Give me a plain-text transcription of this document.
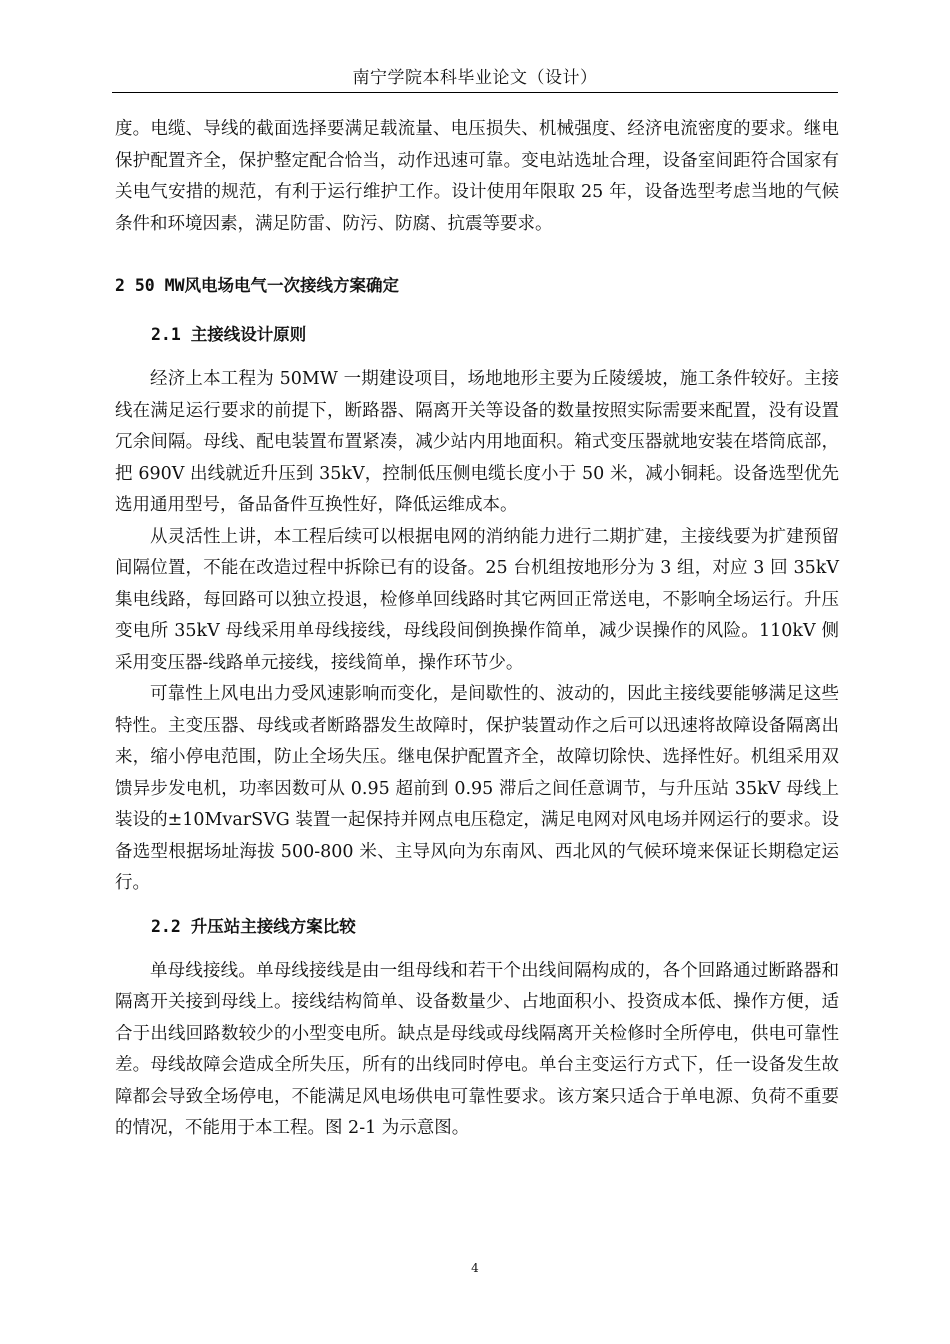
南宁学院本科毕业论文（设计）

度。电缆、导线的截面选择要满足载流量、电压损失、机械强度、经济电流密度的要求。继电保护配置齐全，保护整定配合恰当，动作迅速可靠。变电站选址合理，设备室间距符合国家有关电气安措的规范，有利于运行维护工作。设计使用年限取 25 年，设备选型考虑当地的气候条件和环境因素，满足防雷、防污、防腐、抗震等要求。

2 50 MW风电场电气一次接线方案确定

2.1 主接线设计原则

经济上本工程为 50MW 一期建设项目，场地地形主要为丘陵缓坡，施工条件较好。主接线在满足运行要求的前提下，断路器、隔离开关等设备的数量按照实际需要来配置，没有设置冗余间隔。母线、配电装置布置紧凑，减少站内用地面积。箱式变压器就地安装在塔筒底部，把 690V 出线就近升压到 35kV，控制低压侧电缆长度小于 50 米，减小铜耗。设备选型优先选用通用型号，备品备件互换性好，降低运维成本。

从灵活性上讲，本工程后续可以根据电网的消纳能力进行二期扩建，主接线要为扩建预留间隔位置，不能在改造过程中拆除已有的设备。25 台机组按地形分为 3 组，对应 3 回 35kV 集电线路，每回路可以独立投退，检修单回线路时其它两回正常送电，不影响全场运行。升压变电所 35kV 母线采用单母线接线，母线段间倒换操作简单，减少误操作的风险。110kV 侧采用变压器-线路单元接线，接线简单，操作环节少。

可靠性上风电出力受风速影响而变化，是间歇性的、波动的，因此主接线要能够满足这些特性。主变压器、母线或者断路器发生故障时，保护装置动作之后可以迅速将故障设备隔离出来，缩小停电范围，防止全场失压。继电保护配置齐全，故障切除快、选择性好。机组采用双馈异步发电机，功率因数可从 0.95 超前到 0.95 滞后之间任意调节，与升压站 35kV 母线上装设的±10MvarSVG 装置一起保持并网点电压稳定，满足电网对风电场并网运行的要求。设备选型根据场址海拔 500-800 米、主导风向为东南风、西北风的气候环境来保证长期稳定运行。

2.2 升压站主接线方案比较

单母线接线。单母线接线是由一组母线和若干个出线间隔构成的，各个回路通过断路器和隔离开关接到母线上。接线结构简单、设备数量少、占地面积小、投资成本低、操作方便，适合于出线回路数较少的小型变电所。缺点是母线或母线隔离开关检修时全所停电，供电可靠性差。母线故障会造成全所失压，所有的出线同时停电。单台主变运行方式下，任一设备发生故障都会导致全场停电，不能满足风电场供电可靠性要求。该方案只适合于单电源、负荷不重要的情况，不能用于本工程。图 2-1 为示意图。

4
